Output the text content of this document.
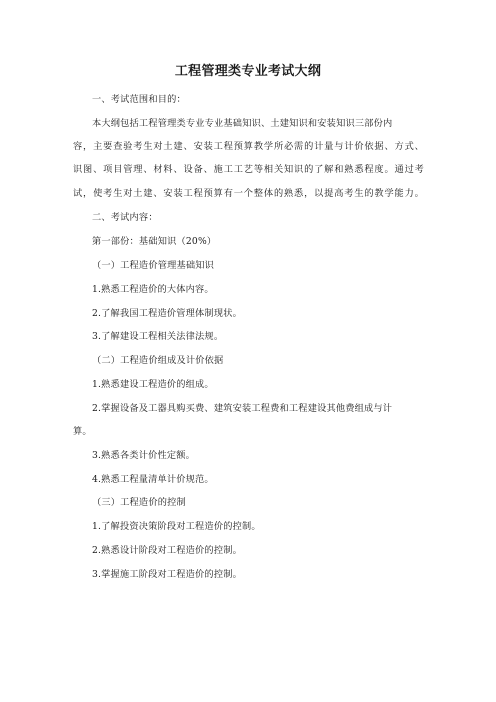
工程管理类专业考试大纲
一、考试范围和目的：
本大纲包括工程管理类专业专业基础知识、土建知识和安装知识三部份内
容，主要查验考生对土建、安装工程预算教学所必需的计量与计价依据、方式、
识图、项目管理、材料、设备、施工工艺等相关知识的了解和熟悉程度。通过考
试，使考生对土建、安装工程预算有一个整体的熟悉，以提高考生的教学能力。
二、考试内容：
第一部份：基础知识（20%）
（一）工程造价管理基础知识
1.熟悉工程造价的大体内容。
2.了解我国工程造价管理体制现状。
3.了解建设工程相关法律法规。
（二）工程造价组成及计价依据
1.熟悉建设工程造价的组成。
2.掌握设备及工器具购买费、建筑安装工程费和工程建设其他费组成与计
算。
3.熟悉各类计价性定额。
4.熟悉工程量清单计价规范。
（三）工程造价的控制
1.了解投资决策阶段对工程造价的控制。
2.熟悉设计阶段对工程造价的控制。
3.掌握施工阶段对工程造价的控制。
